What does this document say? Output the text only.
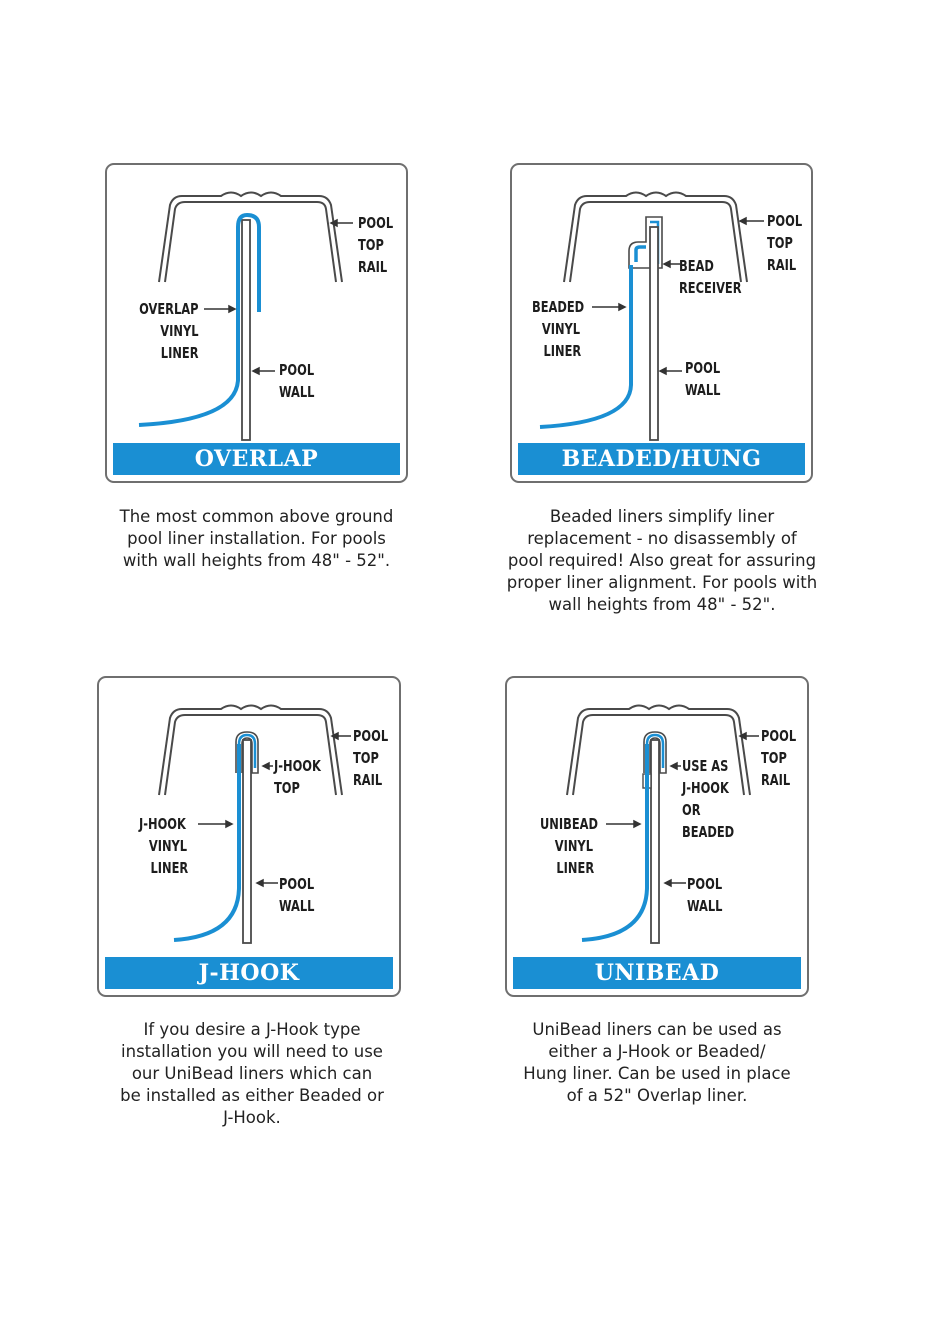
POOL
TOP
RAIL
OVERLAP
VINYL
LINER
POOL
WALL
OVERLAP
The most common above ground
pool liner installation. For pools
with wall heights from 48" - 52".
POOL
TOP
RAIL
BEAD
RECEIVER
BEADED
VINYL
LINER
POOL
WALL
BEADED/HUNG
Beaded liners simplify liner
replacement - no disassembly of
pool required! Also great for assuring
proper liner alignment. For pools with
wall heights from 48" - 52".
POOL
TOP
RAIL
J-HOOK
TOP
J-HOOK
VINYL
LINER
POOL
WALL
J-HOOK
If you desire a J-Hook type
installation you will need to use
our UniBead liners which can
be installed as either Beaded or
J-Hook.
POOL
TOP
RAIL
USE AS
J-HOOK
OR
BEADED
UNIBEAD
VINYL
LINER
POOL
WALL
UNIBEAD
UniBead liners can be used as
either a J-Hook or Beaded/
Hung liner. Can be used in place
of a 52" Overlap liner.
